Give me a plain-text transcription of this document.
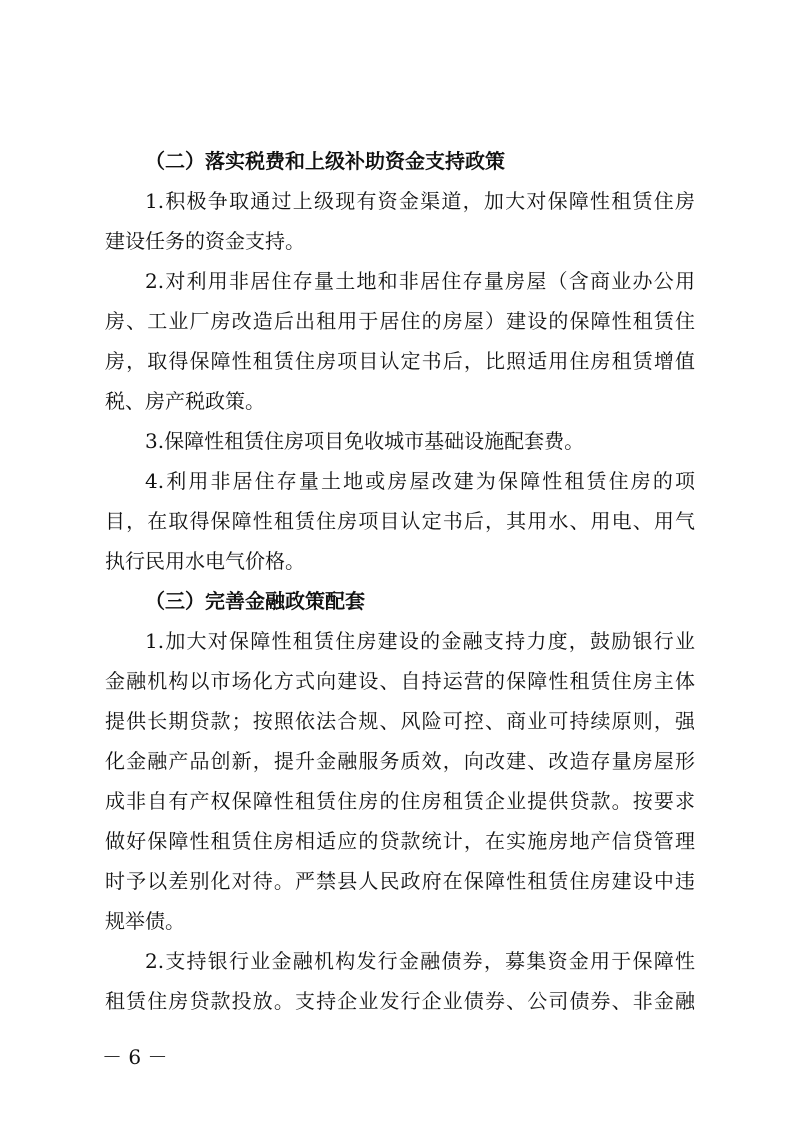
（二）落实税费和上级补助资金支持政策
1.积极争取通过上级现有资金渠道，加大对保障性租赁住房
建设任务的资金支持。
2.对利用非居住存量土地和非居住存量房屋（含商业办公用
房、工业厂房改造后出租用于居住的房屋）建设的保障性租赁住
房，取得保障性租赁住房项目认定书后，比照适用住房租赁增值
税、房产税政策。
3.保障性租赁住房项目免收城市基础设施配套费。
4.利用非居住存量土地或房屋改建为保障性租赁住房的项
目，在取得保障性租赁住房项目认定书后，其用水、用电、用气
执行民用水电气价格。
（三）完善金融政策配套
1.加大对保障性租赁住房建设的金融支持力度，鼓励银行业
金融机构以市场化方式向建设、自持运营的保障性租赁住房主体
提供长期贷款；按照依法合规、风险可控、商业可持续原则，强
化金融产品创新，提升金融服务质效，向改建、改造存量房屋形
成非自有产权保障性租赁住房的住房租赁企业提供贷款。按要求
做好保障性租赁住房相适应的贷款统计，在实施房地产信贷管理
时予以差别化对待。严禁县人民政府在保障性租赁住房建设中违
规举债。
2.支持银行业金融机构发行金融债券，募集资金用于保障性
租赁住房贷款投放。支持企业发行企业债券、公司债券、非金融
－ 6 －
